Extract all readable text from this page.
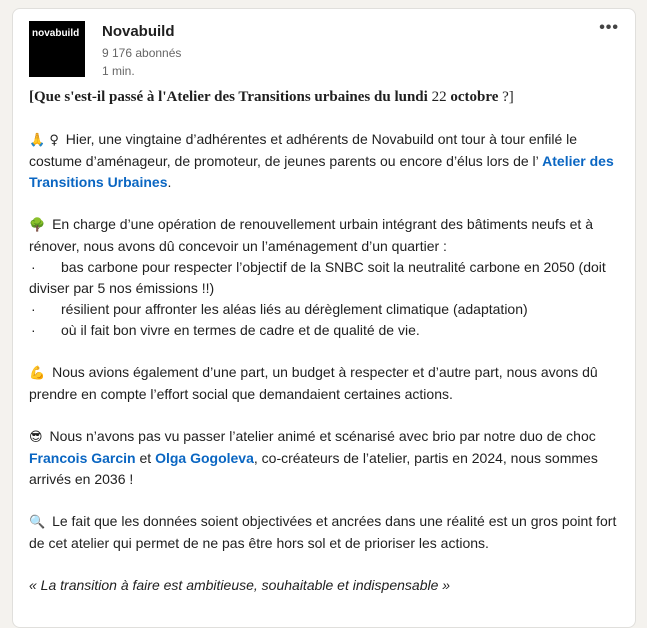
novabuild	Novabuild
9 176 abonnés
1 min.
•••

[Que s'est-il passé à l'Atelier des Transitions urbaines du lundi 22 octobre ?]

🙏 ♀ Hier, une vingtaine d’adhérentes et adhérents de Novabuild ont tour à tour enfilé le costume d’aménageur, de promoteur, de jeunes parents ou encore d’élus lors de l’ Atelier des Transitions Urbaines.

🌳 En charge d’une opération de renouvellement urbain intégrant des bâtiments neufs et à rénover, nous avons dû concevoir un l’aménagement d’un quartier :

· bas carbone pour respecter l’objectif de la SNBC soit la neutralité carbone en 2050 (doit diviser par 5 nos émissions !!)
· résilient pour affronter les aléas liés au dérèglement climatique (adaptation)
· où il fait bon vivre en termes de cadre et de qualité de vie.

💪 Nous avions également d’une part, un budget à respecter et d’autre part, nous avons dû prendre en compte l’effort social que demandaient certaines actions.

😎 Nous n’avons pas vu passer l’atelier animé et scénarisé avec brio par notre duo de choc Francois Garcin et Olga Gogoleva, co-créateurs de l’atelier, partis en 2024, nous sommes arrivés en 2036 !

🔍 Le fait que les données soient objectivées et ancrées dans une réalité est un gros point fort de cet atelier qui permet de ne pas être hors sol et de prioriser les actions.

« La transition à faire est ambitieuse, souhaitable et indispensable »
